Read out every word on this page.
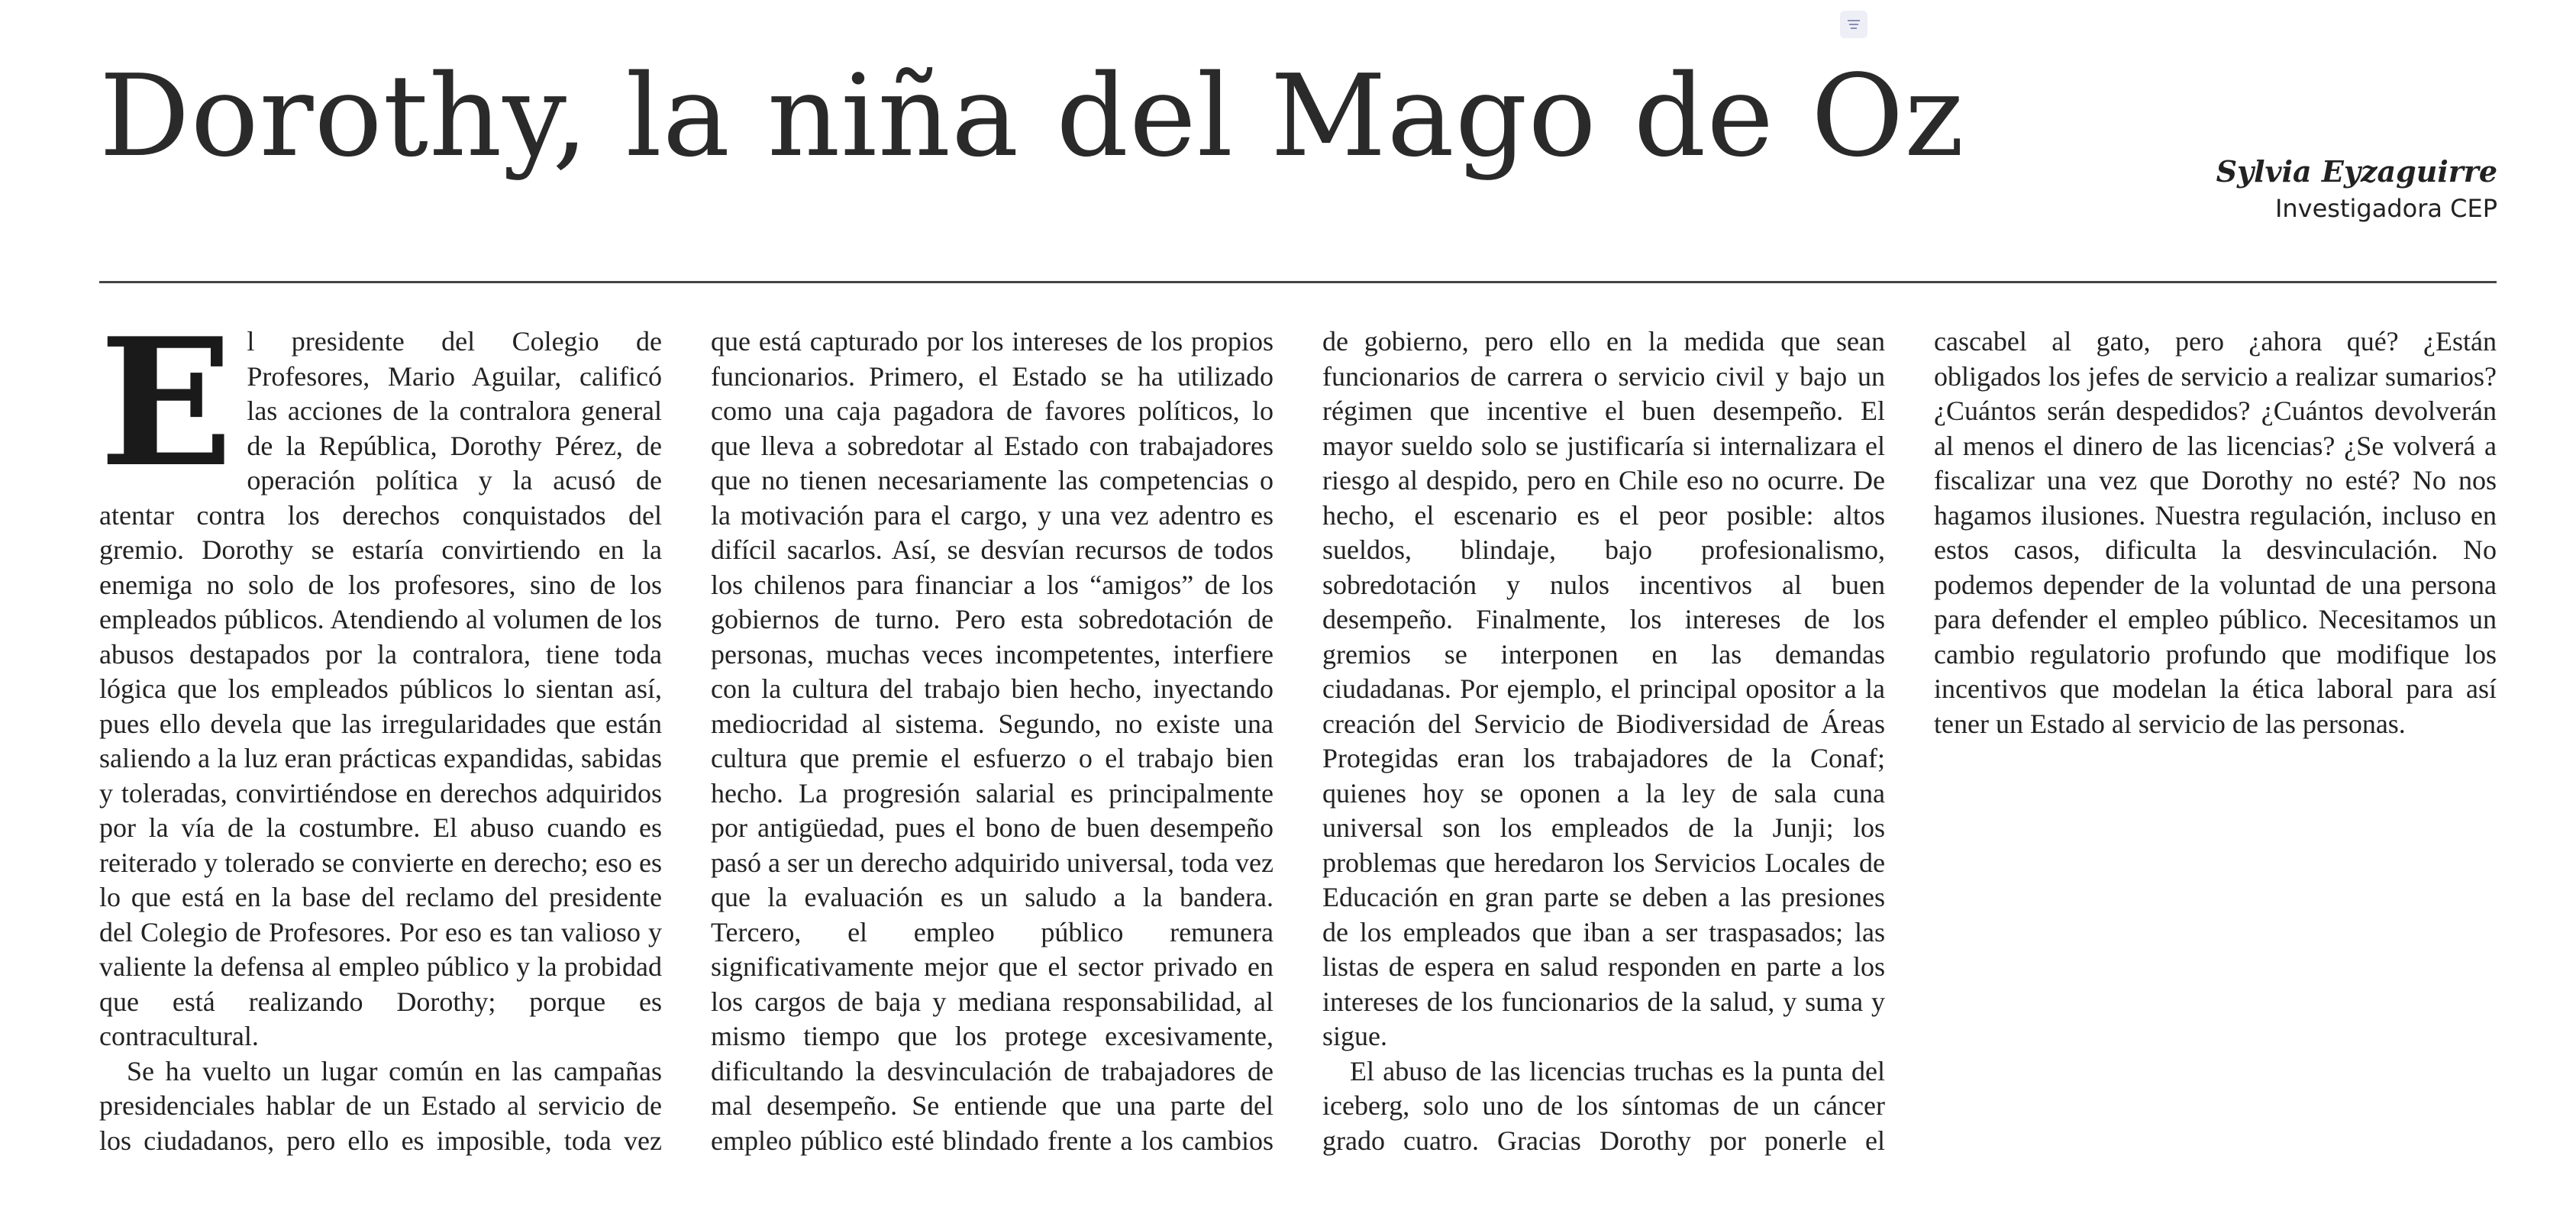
Dorothy, la niña del Mago de Oz	Sylvia Eyzaguirre
Investigadora CEP

El presidente del Colegio de Profesores, Mario Aguilar, calificó las acciones de la contralora general de la República, Dorothy Pérez, de operación política y la acusó de atentar contra los derechos conquistados del gremio. Dorothy se estaría convirtiendo en la enemiga no solo de los profesores, sino de los empleados públicos. Atendiendo al volumen de los abusos destapados por la contralora, tiene toda lógica que los empleados públicos lo sientan así, pues ello devela que las irregularidades que están saliendo a la luz eran prácticas expandidas, sabidas y toleradas, convirtiéndose en derechos adquiridos por la vía de la costumbre. El abuso cuando es reiterado y tolerado se convierte en derecho; eso es lo que está en la base del reclamo del presidente del Colegio de Profesores. Por eso es tan valioso y valiente la defensa al empleo público y la probidad que está realizando Dorothy; porque es contracultural.

Se ha vuelto un lugar común en las campañas presidenciales hablar de un Estado al servicio de los ciudadanos, pero ello es imposible, toda vez que está capturado por los intereses de los propios funcionarios. Primero, el Estado se ha utilizado como una caja pagadora de favores políticos, lo que lleva a sobredotar al Estado con trabajadores que no tienen necesariamente las competencias o la motivación para el cargo, y una vez adentro es difícil sacarlos. Así, se desvían recursos de todos los chilenos para financiar a los “amigos” de los gobiernos de turno. Pero esta sobredotación de personas, muchas veces incompetentes, interfiere con la cultura del trabajo bien hecho, inyectando mediocridad al sistema. Segundo, no existe una cultura que premie el esfuerzo o el trabajo bien hecho. La progresión salarial es principalmente por antigüedad, pues el bono de buen desempeño pasó a ser un derecho adquirido universal, toda vez que la evaluación es un saludo a la bandera. Tercero, el empleo público remunera significativamente mejor que el sector privado en los cargos de baja y mediana responsabilidad, al mismo tiempo que los protege excesivamente, dificultando la desvinculación de trabajadores de mal desempeño. Se entiende que una parte del empleo público esté blindado frente a los cambios de gobierno, pero ello en la medida que sean funcionarios de carrera o servicio civil y bajo un régimen que incentive el buen desempeño. El mayor sueldo solo se justificaría si internalizara el riesgo al despido, pero en Chile eso no ocurre. De hecho, el escenario es el peor posible: altos sueldos, blindaje, bajo profesionalismo, sobredotación y nulos incentivos al buen desempeño. Finalmente, los intereses de los gremios se interponen en las demandas ciudadanas. Por ejemplo, el principal opositor a la creación del Servicio de Biodiversidad de Áreas Protegidas eran los trabajadores de la Conaf; quienes hoy se oponen a la ley de sala cuna universal son los empleados de la Junji; los problemas que heredaron los Servicios Locales de Educación en gran parte se deben a las presiones de los empleados que iban a ser traspasados; las listas de espera en salud responden en parte a los intereses de los funcionarios de la salud, y suma y sigue.

El abuso de las licencias truchas es la punta del iceberg, solo uno de los síntomas de un cáncer grado cuatro. Gracias Dorothy por ponerle el cascabel al gato, pero ¿ahora qué? ¿Están obligados los jefes de servicio a realizar sumarios? ¿Cuántos serán despedidos? ¿Cuántos devolverán al menos el dinero de las licencias? ¿Se volverá a fiscalizar una vez que Dorothy no esté? No nos hagamos ilusiones. Nuestra regulación, incluso en estos casos, dificulta la desvinculación. No podemos depender de la voluntad de una persona para defender el empleo público. Necesitamos un cambio regulatorio profundo que modifique los incentivos que modelan la ética laboral para así tener un Estado al servicio de las personas.
